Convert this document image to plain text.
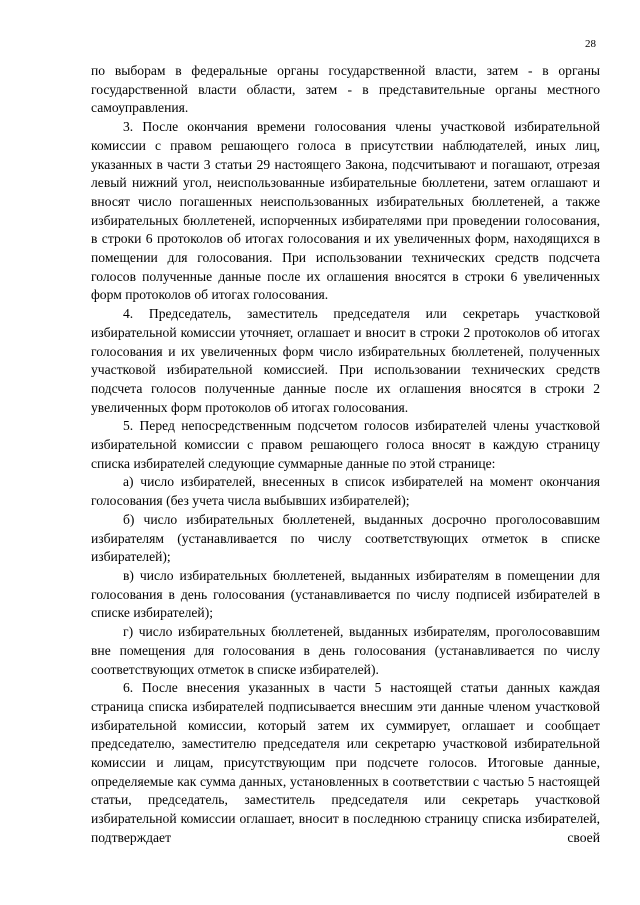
28

по выборам в федеральные органы государственной власти, затем - в органы государственной власти области, затем - в представительные органы местного самоуправления.

3. После окончания времени голосования члены участковой избирательной комиссии с правом решающего голоса в присутствии наблюдателей, иных лиц, указанных в части 3 статьи 29 настоящего Закона, подсчитывают и погашают, отрезая левый нижний угол, неиспользованные избирательные бюллетени, затем оглашают и вносят число погашенных неиспользованных избирательных бюллетеней, а также избирательных бюллетеней, испорченных избирателями при проведении голосования, в строки 6 протоколов об итогах голосования и их увеличенных форм, находящихся в помещении для голосования. При использовании технических средств подсчета голосов полученные данные после их оглашения вносятся в строки 6 увеличенных форм протоколов об итогах голосования.

4. Председатель, заместитель председателя или секретарь участковой избирательной комиссии уточняет, оглашает и вносит в строки 2 протоколов об итогах голосования и их увеличенных форм число избирательных бюллетеней, полученных участковой избирательной комиссией. При использовании технических средств подсчета голосов полученные данные после их оглашения вносятся в строки 2 увеличенных форм протоколов об итогах голосования.

5. Перед непосредственным подсчетом голосов избирателей члены участковой избирательной комиссии с правом решающего голоса вносят в каждую страницу списка избирателей следующие суммарные данные по этой странице:

а) число избирателей, внесенных в список избирателей на момент окончания голосования (без учета числа выбывших избирателей);

б) число избирательных бюллетеней, выданных досрочно проголосовавшим избирателям (устанавливается по числу соответствующих отметок в списке избирателей);

в) число избирательных бюллетеней, выданных избирателям в помещении для голосования в день голосования (устанавливается по числу подписей избирателей в списке избирателей);

г) число избирательных бюллетеней, выданных избирателям, проголосовавшим вне помещения для голосования в день голосования (устанавливается по числу соответствующих отметок в списке избирателей).

6. После внесения указанных в части 5 настоящей статьи данных каждая страница списка избирателей подписывается внесшим эти данные членом участковой избирательной комиссии, который затем их суммирует, оглашает и сообщает председателю, заместителю председателя или секретарю участковой избирательной комиссии и лицам, присутствующим при подсчете голосов. Итоговые данные, определяемые как сумма данных, установленных в соответствии с частью 5 настоящей статьи, председатель, заместитель председателя или секретарь участковой избирательной комиссии оглашает, вносит в последнюю страницу списка избирателей, подтверждает своей
